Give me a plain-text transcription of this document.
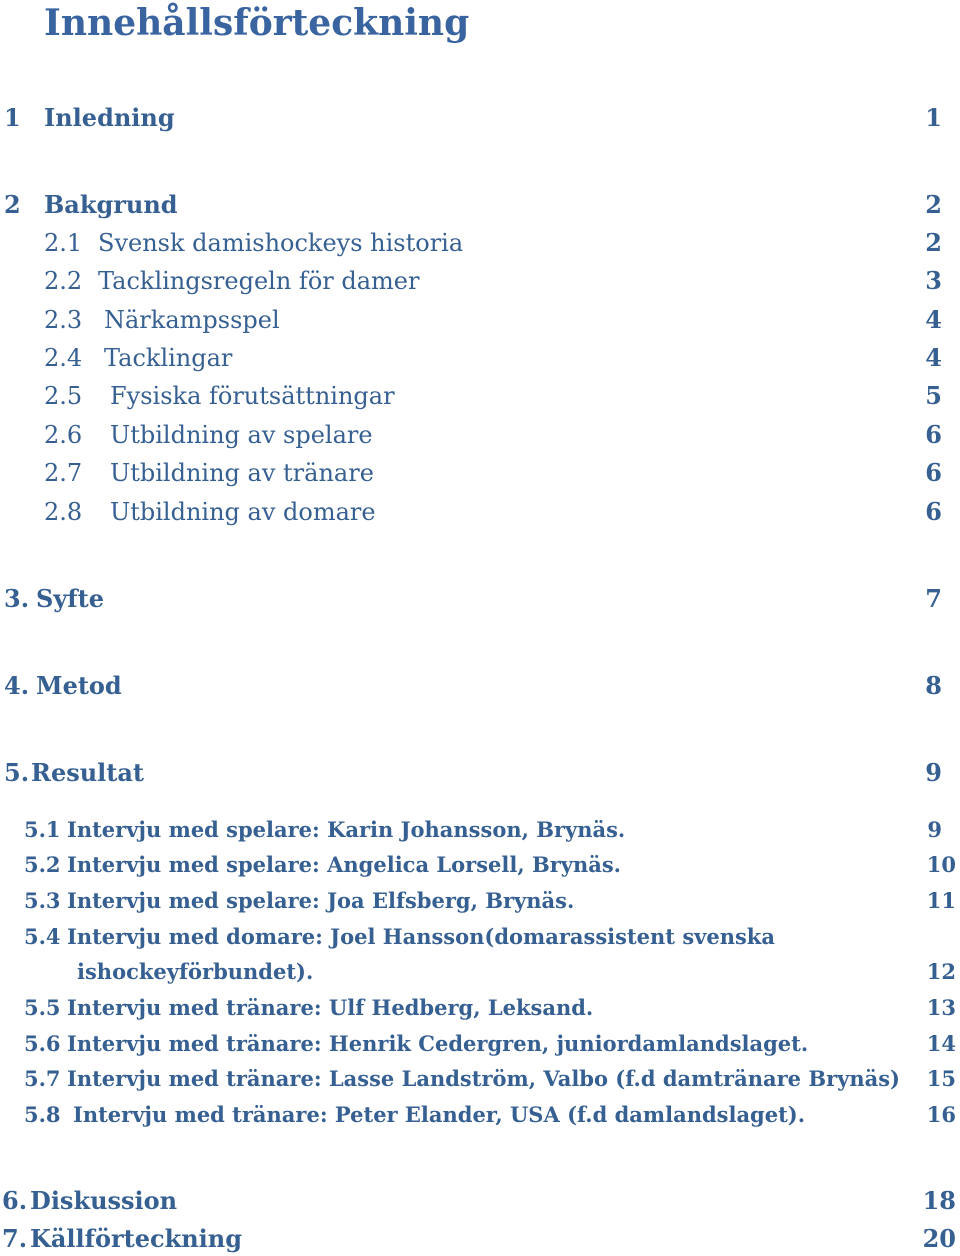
Innehållsförteckning
1 Inledning	1
2 Bakgrund	2
2.1 Svensk damishockeys historia	2
2.2 Tacklingsregeln för damer	3
2.3 Närkampsspel	4
2.4 Tacklingar	4
2.5 Fysiska förutsättningar	5
2.6 Utbildning av spelare	6
2.7 Utbildning av tränare	6
2.8 Utbildning av domare	6
3. Syfte	7
4. Metod	8
5. Resultat	9
5.1 Intervju med spelare: Karin Johansson, Brynäs.	9
5.2 Intervju med spelare: Angelica Lorsell, Brynäs.	10
5.3 Intervju med spelare: Joa Elfsberg, Brynäs.	11
5.4 Intervju med domare: Joel Hansson(domarassistent svenska
ishockeyförbundet).	12
5.5 Intervju med tränare: Ulf Hedberg, Leksand.	13
5.6 Intervju med tränare: Henrik Cedergren, juniordamlandslaget.	14
5.7 Intervju med tränare: Lasse Landström, Valbo (f.d damtränare Brynäs) 15
5.8 Intervju med tränare: Peter Elander, USA (f.d damlandslaget).	16
6. Diskussion	18
7. Källförteckning	20
